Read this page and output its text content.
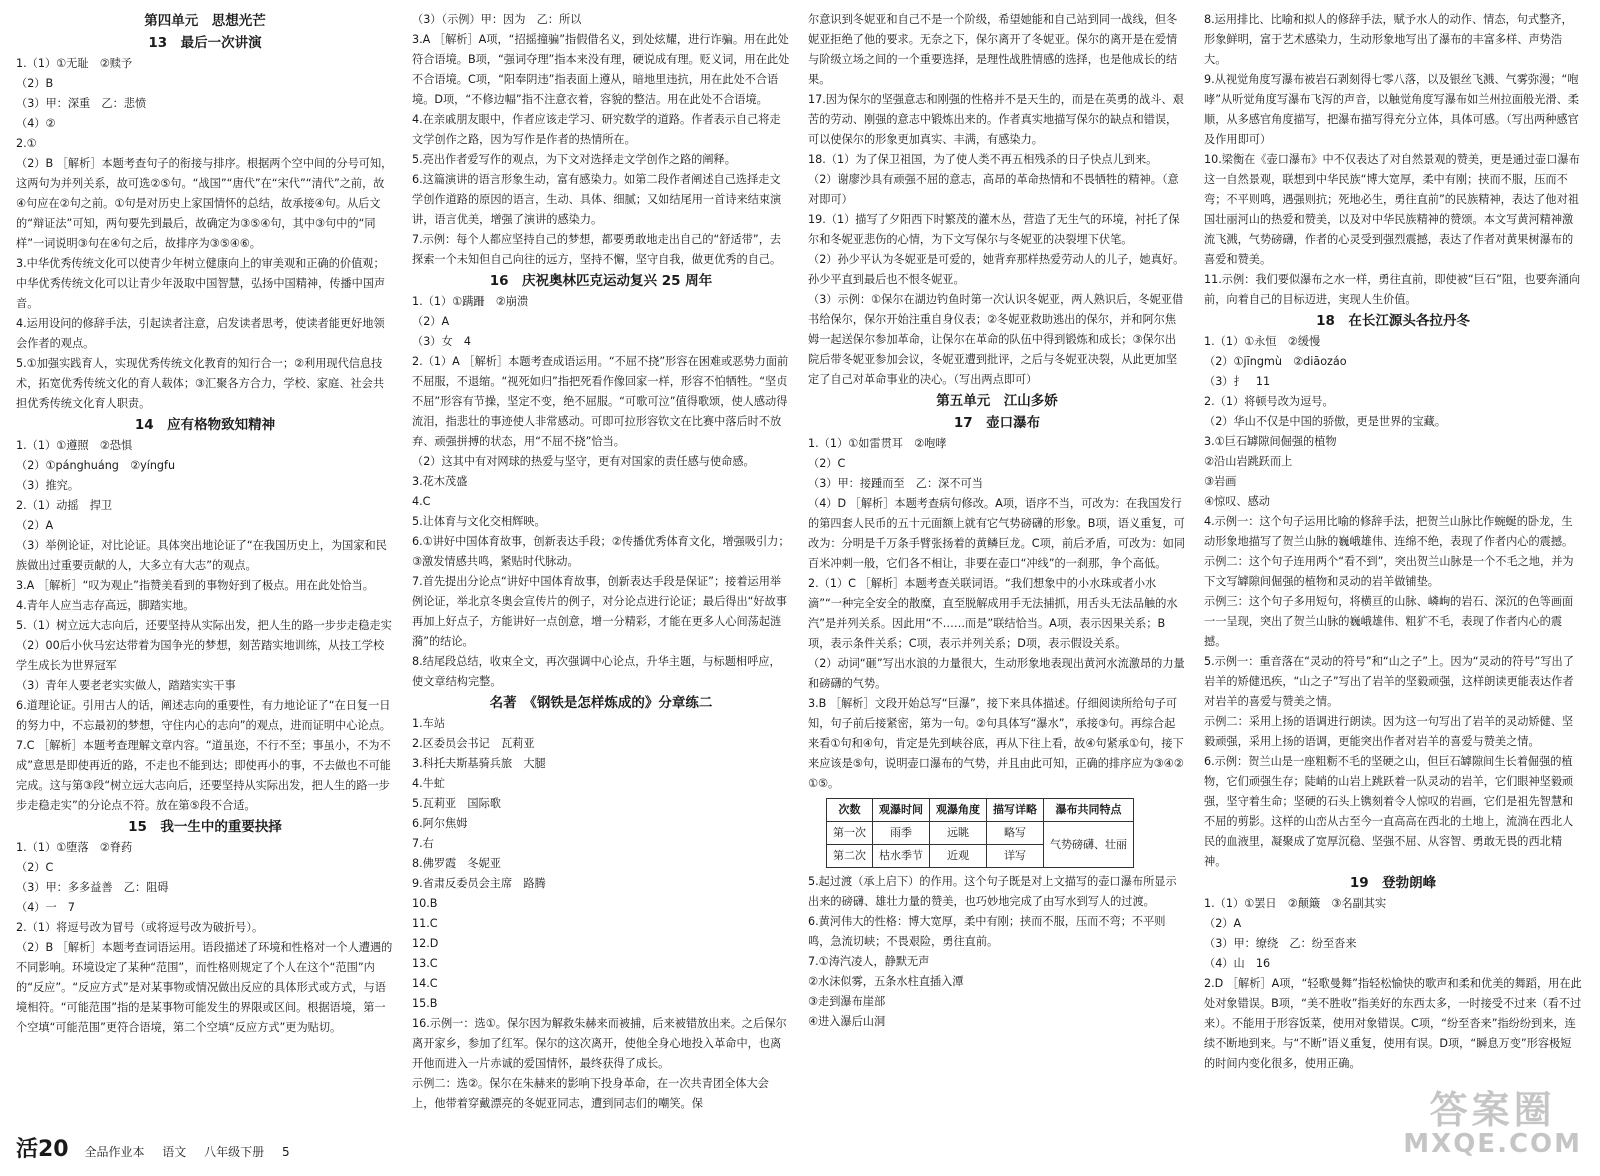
第四单元　思想光芒
13　最后一次讲演
1.（1）①无耻　②赎予
（2）B
（3）甲：深重　乙：悲愤
（4）②
2.①
（2）B ［解析］本题考查句子的衔接与排序。根据两个空中间的分号可知，这两句为并列关系，故可选②⑤句。“战国”“唐代”在“宋代”“清代”之前，故④句应在②句之前。①句是对历史上家国情怀的总结，故承接④句。从后文的“辩证法”可知，两句要先到最后，故确定为③⑤④句，其中③句中的“同样”一词说明③句在④句之后，故排序为③⑤④⑥。
3.中华优秀传统文化可以使青少年树立健康向上的审美观和正确的价值观；中华优秀传统文化可以让青少年汲取中国智慧，弘扬中国精神，传播中国声音。
4.运用设问的修辞手法，引起读者注意，启发读者思考，使读者能更好地领会作者的观点。
5.①加强实践育人，实现优秀传统文化教育的知行合一；②利用现代信息技术，拓宽优秀传统文化的育人载体；③汇聚各方合力，学校、家庭、社会共担优秀传统文化育人职责。
14　应有格物致知精神
1.（1）①遵照　②恐惧
（2）①pánghuáng　②yíngfu
（3）推究。
2.（1）动摇　捍卫
（2）A
（3）举例论证，对比论证。具体突出地论证了“在我国历史上，为国家和民族做出过重要贡献的人，大多立有大志”的观点。
3.A ［解析］“叹为观止”指赞美看到的事物好到了极点。用在此处恰当。
4.青年人应当志存高远，脚踏实地。
5.（1）树立远大志向后，还要坚持从实际出发，把人生的路一步步走稳走实
（2）00后小伙马宏达带着为国争光的梦想，刻苦踏实地训练，从技工学校学生成长为世界冠军
（3）青年人要老老实实做人，踏踏实实干事
6.道理论证。引用古人的话，阐述志向的重要性，有力地论证了“在日复一日的努力中，不忘最初的梦想，守住内心的志向”的观点，进而证明中心论点。
7.C ［解析］本题考查理解文章内容。“道虽迩，不行不至；事虽小，不为不成”意思是即使再近的路，不走也不能到达；即使再小的事，不去做也不可能完成。这与第③段“树立远大志向后，还要坚持从实际出发，把人生的路一步步走稳走实”的分论点不符。放在第⑤段不合适。
15　我一生中的重要抉择
1.（1）①堕落　②脊药
（2）C
（3）甲：多多益善　乙：阻碍
（4）一　7
2.（1）将逗号改为冒号（或将逗号改为破折号）。
（2）B ［解析］本题考查词语运用。语段描述了环境和性格对一个人遭遇的不同影响。环境设定了某种“范围”，而性格则规定了个人在这个“范围”内的“反应”。“反应方式”是对某事物或情况做出反应的具体形式或方式，与语境相符。“可能范围”指的是某事物可能发生的界限或区间。根据语境，第一个空填“可能范围”更符合语境，第二个空填“反应方式”更为贴切。
（3）（示例）甲：因为　乙：所以
3.A ［解析］A项，“招摇撞骗”指假借名义，到处炫耀，进行诈骗。用在此处符合语境。B项，“强词夺理”指本来没有理，硬说成有理。贬义词，用在此处不合语境。C项，“阳奉阴违”指表面上遵从，暗地里违抗，用在此处不合语境。D项，“不修边幅”指不注意衣着，容貌的整洁。用在此处不合语境。
4.在亲戚朋友眼中，作者应该走学习、研究数学的道路。作者表示自己将走文学创作之路，因为写作是作者的热情所在。
5.亮出作者爱写作的观点，为下文对选择走文学创作之路的阐释。
6.这篇演讲的语言形象生动，富有感染力。如第二段作者阐述自己选择走文学创作道路的原因的语言，生动、具体、细腻；又如结尾用一首诗来结束演讲，语言优美，增强了演讲的感染力。
7.示例：每个人都应坚持自己的梦想，都要勇敢地走出自己的“舒适带”，去探索一个未知但自己向往的远方，坚持不懈，坚守自我，做更优秀的自己。
16　庆祝奥林匹克运动复兴 25 周年
1.（1）①蹒跚　②崩溃
（2）A
（3）女　4
2.（1）A ［解析］本题考查成语运用。“不屈不挠”形容在困难或恶势力面前不屈服，不退缩。“视死如归”指把死看作像回家一样，形容不怕牺牲。“坚贞不屈”形容有节操，坚定不变，绝不屈服。“可歌可泣”值得歌颂，使人感动得流泪，指悲壮的事迹使人非常感动。可即可拉形容钦文在比赛中落后时不放弃、顽强拼搏的状态，用“不屈不挠”恰当。
（2）这其中有对网球的热爱与坚守，更有对国家的责任感与使命感。
3.花木茂盛
4.C
5.让体育与文化交相辉映。
6.①讲好中国体育故事，创新表达手段；②传播优秀体育文化，增强吸引力；③激发情感共鸣，紧贴时代脉动。
7.首先提出分论点“讲好中国体育故事，创新表达手段是保证”；接着运用举例论证，举北京冬奥会宣传片的例子，对分论点进行论证；最后得出“好故事再加上好点子，方能讲好一点创意，增一分精彩，才能在更多人心间荡起涟漪”的结论。
8.结尾段总结，收束全文，再次强调中心论点，升华主题，与标题相呼应，使文章结构完整。
名著　《钢铁是怎样炼成的》分章练二
1.车站
2.区委员会书记　瓦莉亚
3.科托夫斯基骑兵旅　大腿
4.牛虻
5.瓦莉亚　国际歌
6.阿尔焦姆
7.右
8.佛罗霞　冬妮亚
9.省肃反委员会主席　路腾
10.B
11.C
12.D
13.C
14.C
15.B
16.示例一：选①。保尔因为解救朱赫来而被捕，后来被错放出来。之后保尔离开家乡，参加了红军。保尔的这次离开，使他全身心地投入革命中，也离开他而进入一片赤诚的爱国情怀，最终获得了成长。
示例二：选②。保尔在朱赫来的影响下投身革命，在一次共青团全体大会上，他带着穿戴漂亮的冬妮亚同志，遭到同志们的嘲笑。保
尔意识到冬妮亚和自己不是一个阶级，希望她能和自己站到同一战线，但冬妮亚拒绝了他的要求。无奈之下，保尔离开了冬妮亚。保尔的离开是在爱情与阶级立场之间的一个重要选择，是理性战胜情感的选择，也是他成长的结果。
17.因为保尔的坚强意志和刚强的性格并不是天生的，而是在英勇的战斗、艰苦的劳动、刚强的意志中锻炼出来的。作者真实地描写保尔的缺点和错误，可以使保尔的形象更加真实、丰满，有感染力。
18.（1）为了保卫祖国，为了使人类不再五相残杀的日子快点儿到来。
（2）谢廖沙具有顽强不屈的意志，高昂的革命热情和不畏牺牲的精神。（意对即可）
19.（1）描写了夕阳西下时繁茂的灌木丛，营造了无生气的环境，衬托了保尔和冬妮亚悲伤的心情，为下文写保尔与冬妮亚的决裂埋下伏笔。
（2）孙少平认为冬妮亚是可爱的，她背弃那样热爱劳动人的儿子，她真好。孙少平直到最后也不恨冬妮亚。
（3）示例：①保尔在湖边钓鱼时第一次认识冬妮亚，两人熟识后，冬妮亚借书给保尔，保尔开始注重自身仪表；②冬妮亚救助逃出的保尔，并和阿尔焦姆一起送保尔参加革命，让保尔在革命的队伍中得到锻炼和成长；③保尔出院后带冬妮亚参加会议，冬妮亚遭到批评，之后与冬妮亚决裂，从此更加坚定了自己对革命事业的决心。（写出两点即可）
第五单元　江山多娇
17　壶口瀑布
1.（1）①如雷贯耳　②咆哮
（2）C
（3）甲：接踵而至　乙：深不可当
（4）D ［解析］本题考查病句修改。A项，语序不当，可改为：在我国发行的第四套人民币的五十元面额上就有它气势磅礴的形象。B项，语义重复，可改为：分明是千万条手臂张扬着的黄鳞巨龙。C项，前后矛盾，可改为：如同百米冲刺一般，它们各不相让，非要在壶口“冲线”的一刹那，争个高低。
2.（1）C ［解析］本题考查关联词语。“我们想象中的小水珠或者小水滴”“一种完全安全的散糜，直至脱解成用手无法捕抓，用舌头无法品触的水汽”是并列关系。因此用“不……而是”联结恰当。A项，表示因果关系；B项，表示条件关系；C项，表示并列关系；D项，表示假设关系。
（2）动词“砸”写出水浪的力量很大，生动形象地表现出黄河水流激昂的力量和磅礴的气势。
3.B ［解析］文段开始总写“巨瀑”，接下来具体描述。仔细阅读所给句子可知，句子前后接紧密，第为一句。②句具体写“瀑水”，承接③句。再综合起来看①句和④句，肯定是先到峡谷底，再从下往上看，故④句紧承①句，接下来应该是⑤句，说明壶口瀑布的气势，并且由此可知，正确的排序应为③④②①⑤。
次数	观瀑时间	观瀑角度	描写详略	瀑布共同特点
第一次	雨季	远眺	略写	气势磅礴、壮丽
第二次	枯水季节	近观	详写	
5.起过渡（承上启下）的作用。这个句子既是对上文描写的壶口瀑布所显示出来的磅礴、雄壮力量的赞美，也巧妙地完成了由写水到写人的过渡。
6.黄河伟大的性格：博大宽厚，柔中有刚；挟而不服，压而不弯；不平则鸣，急流切峡；不畏艰险，勇往直前。
7.①涛汽凌人，静默无声
②水沫似雾，五条水柱直插入潭
③走到瀑布崖部
④进入瀑后山洞
8.运用排比、比喻和拟人的修辞手法，赋予水人的动作、情态，句式整齐，形象鲜明，富于艺术感染力，生动形象地写出了瀑布的丰富多样、声势浩大。
9.从视觉角度写瀑布被岩石剥刻得七零八落，以及银丝飞溅、气雾弥漫；“咆哮”从听觉角度写瀑布飞泻的声音，以触觉角度写瀑布如兰州拉面般光滑、柔顺，从多感官角度描写，把瀑布描写得充分立体，具体可感。（写出两种感官及作用即可）
10.梁衡在《壶口瀑布》中不仅表达了对自然景观的赞美，更是通过壶口瀑布这一自然景观，联想到中华民族“博大宽厚，柔中有刚；挟而不服，压而不弯；不平则鸣，遇强则抗；死地必生，勇往直前”的民族精神，表达了他对祖国壮丽河山的热爱和赞美，以及对中华民族精神的赞颂。本文写黄河精神激流飞溅，气势磅礴，作者的心灵受到强烈震撼，表达了作者对黄果树瀑布的喜爱和赞美。
11.示例：我们要似瀑布之水一样，勇往直前，即使被“巨石”阻，也要奔涌向前，向着自己的目标迈进，実现人生价值。
18　在长江源头各拉丹冬
1.（1）①永恒　②缓慢
（2）①jīngmù　②diāozáo
（3）扌　11
2.（1）将顿号改为逗号。
（2）华山不仅是中国的骄傲，更是世界的宝藏。
3.①巨石罅隙间倔强的植物
②沿山岩跳跃而上
③岩画
④惊叹、感动
4.示例一：这个句子运用比喻的修辞手法，把贺兰山脉比作蜿蜒的卧龙，生动形象地描写了贺兰山脉的巍峨雄伟、连绵不绝，表现了作者内心的震撼。
示例二：这个句子连用两个“看不到”，突出贺兰山脉是一个不毛之地，并为下文写罅隙间倔强的植物和灵动的岩羊做铺垫。
示例三：这个句子多用短句，将横亘的山脉、嶙峋的岩石、深沉的色等画面一一呈现，突出了贺兰山脉的巍峨雄伟、粗犷不毛，表现了作者内心的震撼。
5.示例一：重音落在“灵动的符号”和“山之子”上。因为“灵动的符号”写出了岩羊的矫健迅疾，“山之子”写出了岩羊的坚毅顽强，这样朗读更能表达作者对岩羊的喜爱与赞美之情。
示例二：采用上扬的语调进行朗读。因为这一句写出了岩羊的灵动矫健、坚毅顽强，采用上扬的语调，更能突出作者对岩羊的喜爱与赞美之情。
6.示例：贺兰山是一座粗粝不毛的坚硬之山，但巨石罅隙间生长着倔强的植物，它们顽强生存；陡峭的山岩上跳跃着一队灵动的岩羊，它们眼神坚毅顽强，坚守着生命；坚硬的石头上镌刻着令人惊叹的岩画，它们是祖先智慧和不屈的剪影。这样的山峦从古至今一直高高在西北的土地上，流淌在西北人民的血液里，凝聚成了宽厚沉稳、坚强不屈、从容智、勇敢无畏的西北精神。
19　登勃朗峰
1.（1）①罢日　②颠簸　③名副其实
（2）A
（3）甲：缭绕　乙：纷至沓来
（4）山　16
2.D ［解析］A项，“轻歌曼舞”指轻松愉快的歌声和柔和优美的舞蹈，用在此处对象错误。B项，“美不胜收”指美好的东西太多，一时接受不过来（看不过来）。不能用于形容饭菜，使用对象错误。C项，“纷至沓来”指纷纷到来，连续不断地到来。与“不断”语义重复，使用有误。D项，“瞬息万变”形容极短的时间内变化很多，使用正确。
活20 全品作业本 语文 八年级下册 5
答案圈
MXQE.COM
